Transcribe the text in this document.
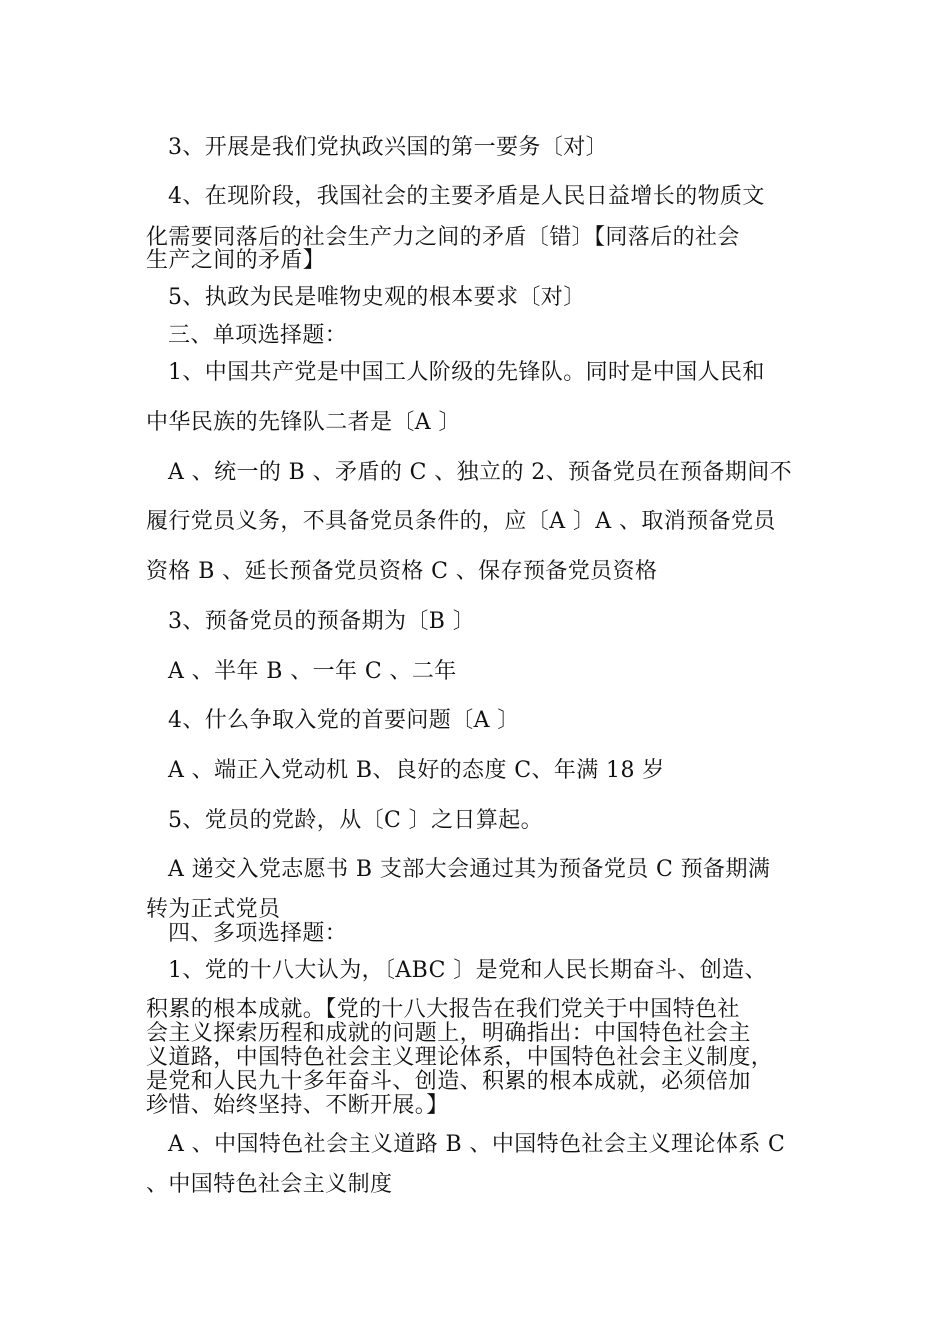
3、开展是我们党执政兴国的第一要务〔对〕
4、在现阶段，我国社会的主要矛盾是人民日益增长的物质文
化需要同落后的社会生产力之间的矛盾〔错〕【同落后的社会
生产之间的矛盾】
5、执政为民是唯物史观的根本要求〔对〕
三、单项选择题：
1、中国共产党是中国工人阶级的先锋队。同时是中国人民和
中华民族的先锋队二者是〔A 〕
A 、统一的 B 、矛盾的 C 、独立的 2、预备党员在预备期间不
履行党员义务，不具备党员条件的，应〔A 〕A 、取消预备党员
资格 B 、延长预备党员资格 C 、保存预备党员资格
3、预备党员的预备期为〔B 〕
A 、半年 B 、一年 C 、二年
4、什么争取入党的首要问题〔A 〕
A 、端正入党动机 B、良好的态度 C、年满 18 岁
5、党员的党龄，从〔C 〕之日算起。
A 递交入党志愿书 B 支部大会通过其为预备党员 C 预备期满
转为正式党员
四、多项选择题：
1、党的十八大认为，〔ABC 〕是党和人民长期奋斗、创造、
积累的根本成就。【党的十八大报告在我们党关于中国特色社
会主义探索历程和成就的问题上，明确指出：中国特色社会主
义道路，中国特色社会主义理论体系，中国特色社会主义制度，
是党和人民九十多年奋斗、创造、积累的根本成就，必须倍加
珍惜、始终坚持、不断开展。】
A 、中国特色社会主义道路 B 、中国特色社会主义理论体系 C
、中国特色社会主义制度
